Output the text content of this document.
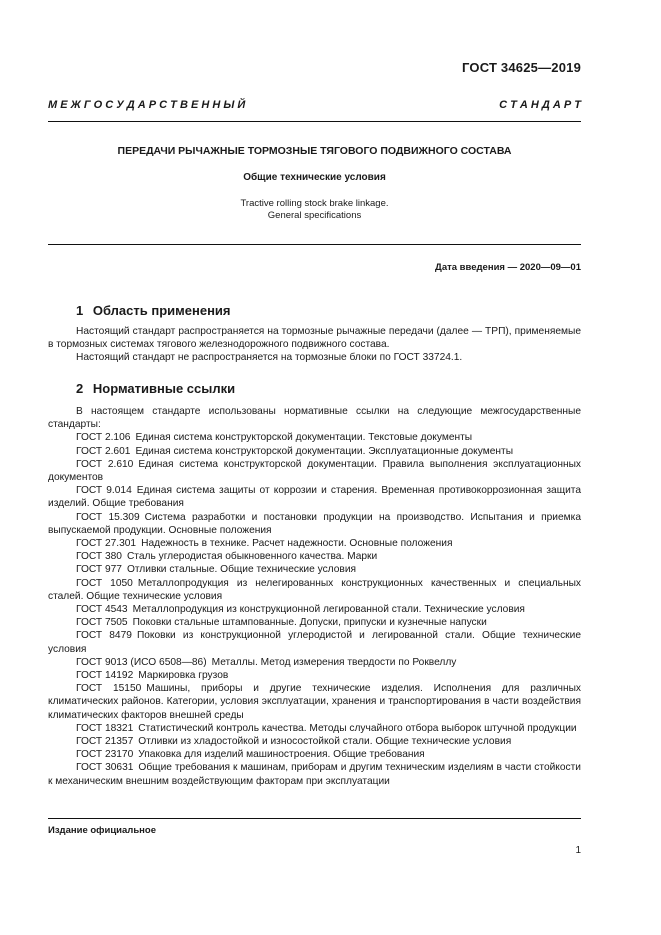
ГОСТ 34625—2019
М Е Ж Г О С У Д А Р С Т В Е Н Н Ы Й	С Т А Н Д А Р Т
ПЕРЕДАЧИ РЫЧАЖНЫЕ ТОРМОЗНЫЕ ТЯГОВОГО ПОДВИЖНОГО СОСТАВА
Общие технические условия
Tractive rolling stock brake linkage.
General specifications
Дата введения — 2020—09—01
1 Область применения

Настоящий стандарт распространяется на тормозные рычажные передачи (далее — ТРП), применяемые в тормозных системах тягового железнодорожного подвижного состава.

Настоящий стандарт не распространяется на тормозные блоки по ГОСТ 33724.1.

2 Нормативные ссылки

В настоящем стандарте использованы нормативные ссылки на следующие межгосударственные стандарты:

ГОСТ 2.106 Единая система конструкторской документации. Текстовые документы

ГОСТ 2.601 Единая система конструкторской документации. Эксплуатационные документы

ГОСТ 2.610 Единая система конструкторской документации. Правила выполнения эксплуатационных документов

ГОСТ 9.014 Единая система защиты от коррозии и старения. Временная противокоррозионная защита изделий. Общие требования

ГОСТ 15.309 Система разработки и постановки продукции на производство. Испытания и приемка выпускаемой продукции. Основные положения

ГОСТ 27.301 Надежность в технике. Расчет надежности. Основные положения

ГОСТ 380 Сталь углеродистая обыкновенного качества. Марки

ГОСТ 977 Отливки стальные. Общие технические условия

ГОСТ 1050 Металлопродукция из нелегированных конструкционных качественных и специальных сталей. Общие технические условия

ГОСТ 4543 Металлопродукция из конструкционной легированной стали. Технические условия

ГОСТ 7505 Поковки стальные штампованные. Допуски, припуски и кузнечные напуски

ГОСТ 8479 Поковки из конструкционной углеродистой и легированной стали. Общие технические условия

ГОСТ 9013 (ИСО 6508—86) Металлы. Метод измерения твердости по Роквеллу

ГОСТ 14192 Маркировка грузов

ГОСТ 15150 Машины, приборы и другие технические изделия. Исполнения для различных климатических районов. Категории, условия эксплуатации, хранения и транспортирования в части воздействия климатических факторов внешней среды

ГОСТ 18321 Статистический контроль качества. Методы случайного отбора выборок штучной продукции

ГОСТ 21357 Отливки из хладостойкой и износостойкой стали. Общие технические условия

ГОСТ 23170 Упаковка для изделий машиностроения. Общие требования

ГОСТ 30631 Общие требования к машинам, приборам и другим техническим изделиям в части стойкости к механическим внешним воздействующим факторам при эксплуатации

Издание официальное
1
